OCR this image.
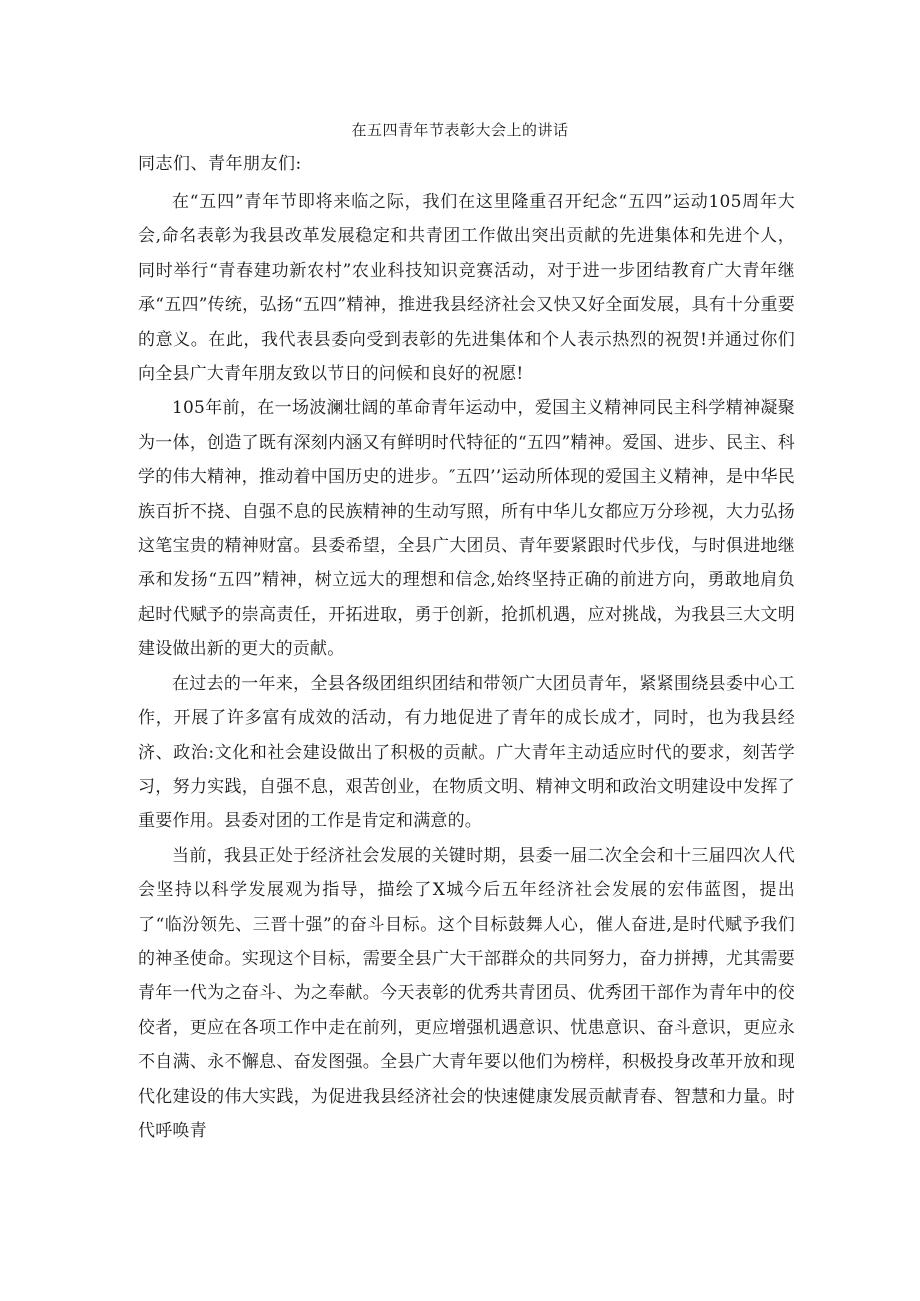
在五四青年节表彰大会上的讲话
同志们、青年朋友们:

在“五四”青年节即将来临之际，我们在这里隆重召开纪念“五四”运动105周年大会,命名表彰为我县改革发展稳定和共青团工作做出突出贡献的先进集体和先进个人，同时举行“青春建功新农村”农业科技知识竞赛活动，对于进一步团结教育广大青年继承“五四”传统，弘扬“五四”精神，推进我县经济社会又快又好全面发展，具有十分重要的意义。在此，我代表县委向受到表彰的先进集体和个人表示热烈的祝贺!并通过你们向全县广大青年朋友致以节日的问候和良好的祝愿!

105年前，在一场波澜壮阔的革命青年运动中，爱国主义精神同民主科学精神凝聚为一体，创造了既有深刻内涵又有鲜明时代特征的“五四”精神。爱国、进步、民主、科学的伟大精神，推动着中国历史的进步。″五四’’运动所体现的爱国主义精神，是中华民族百折不挠、自强不息的民族精神的生动写照，所有中华儿女都应万分珍视，大力弘扬这笔宝贵的精神财富。县委希望，全县广大团员、青年要紧跟时代步伐，与时俱进地继承和发扬“五四”精神，树立远大的理想和信念,始终坚持正确的前进方向，勇敢地肩负起时代赋予的崇高责任，开拓进取，勇于创新，抢抓机遇，应对挑战，为我县三大文明建设做出新的更大的贡献。

在过去的一年来，全县各级团组织团结和带领广大团员青年，紧紧围绕县委中心工作，开展了许多富有成效的活动，有力地促进了青年的成长成才，同时，也为我县经济、政治:文化和社会建设做出了积极的贡献。广大青年主动适应时代的要求，刻苦学习，努力实践，自强不息，艰苦创业，在物质文明、精神文明和政治文明建设中发挥了重要作用。县委对团的工作是肯定和满意的。

当前，我县正处于经济社会发展的关键时期，县委一届二次全会和十三届四次人代会坚持以科学发展观为指导，描绘了X城今后五年经济社会发展的宏伟蓝图，提出了“临汾领先、三晋十强”的奋斗目标。这个目标鼓舞人心，催人奋进,是时代赋予我们的神圣使命。实现这个目标，需要全县广大干部群众的共同努力，奋力拼搏，尤其需要青年一代为之奋斗、为之奉献。今天表彰的优秀共青团员、优秀团干部作为青年中的佼佼者，更应在各项工作中走在前列，更应增强机遇意识、忧患意识、奋斗意识，更应永不自满、永不懈息、奋发图强。全县广大青年要以他们为榜样，积极投身改革开放和现代化建设的伟大实践，为促进我县经济社会的快速健康发展贡献青春、智慧和力量。时代呼唤青
